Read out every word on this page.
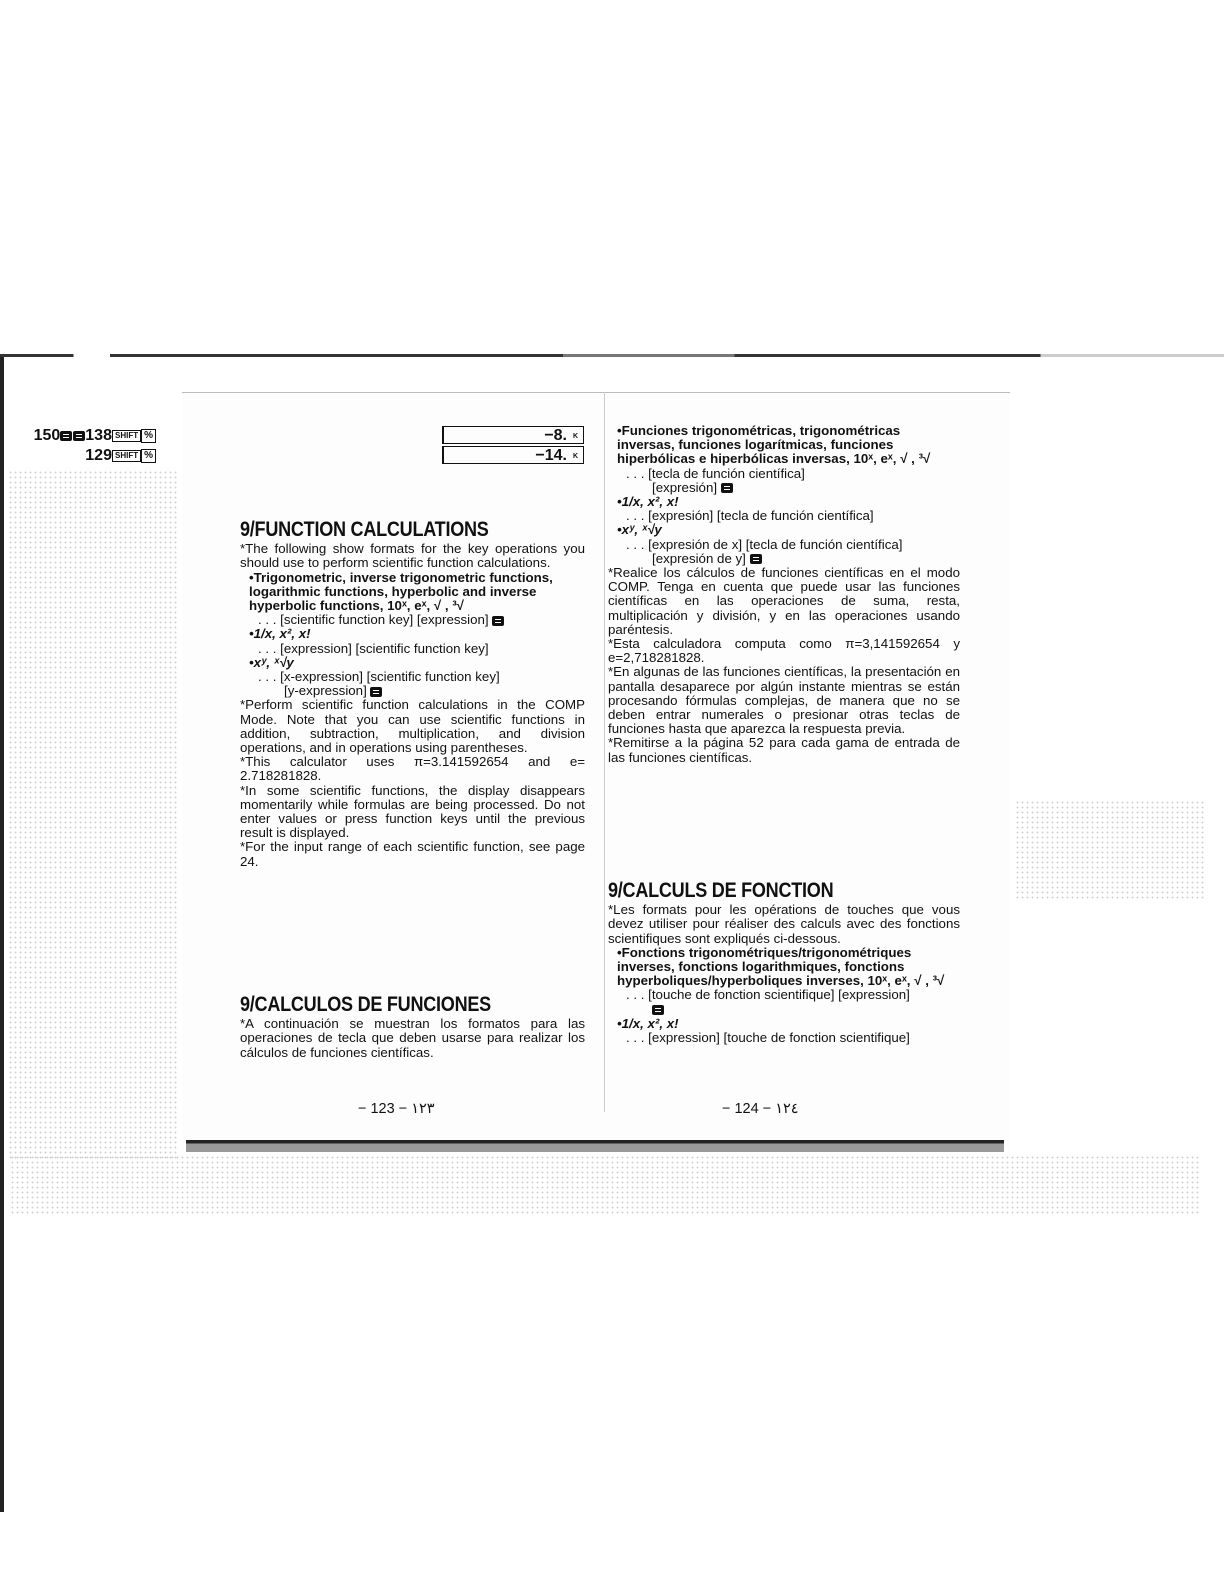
150 138 SHIFT %	−8. K
129 SHIFT %	−14. K

9/FUNCTION CALCULATIONS

*The following show formats for the key operations you should use to perform scientific function calculations.

•Trigonometric, inverse trigonometric functions, logarithmic functions, hyperbolic and inverse hyperbolic functions, 10ˣ, eˣ, √ , ³√

. . . [scientific function key] [expression]

•1/x, x², x!

. . . [expression] [scientific function key]

•xʸ, ˣ√y

. . . [x-expression] [scientific function key]

[y-expression]

*Perform scientific function calculations in the COMP Mode. Note that you can use scientific functions in addition, subtraction, multiplication, and division operations, and in operations using parentheses.

*This calculator uses π=3.141592654 and e= 2.718281828.

*In some scientific functions, the display disappears momentarily while formulas are being processed. Do not enter values or press function keys until the previous result is displayed.

*For the input range of each scientific function, see page 24.

9/CALCULOS DE FUNCIONES

*A continuación se muestran los formatos para las operaciones de tecla que deben usarse para realizar los cálculos de funciones científicas.

− 123 − ١٢٣

•Funciones trigonométricas, trigonométricas inversas, funciones logarítmicas, funciones hiperbólicas e hiperbólicas inversas, 10ˣ, eˣ, √ , ³√

. . . [tecla de función científica]

[expresión]

•1/x, x², x!

. . . [expresión] [tecla de función científica]

•xʸ, ˣ√y

. . . [expresión de x] [tecla de función científica]

[expresión de y]

*Realice los cálculos de funciones científicas en el modo COMP. Tenga en cuenta que puede usar las funciones científicas en las operaciones de suma, resta, multiplicación y división, y en las operaciones usando paréntesis.

*Esta calculadora computa como π=3,141592654 y e=2,718281828.

*En algunas de las funciones científicas, la presentación en pantalla desaparece por algún instante mientras se están procesando fórmulas complejas, de manera que no se deben entrar numerales o presionar otras teclas de funciones hasta que aparezca la respuesta previa.

*Remitirse a la página 52 para cada gama de entrada de las funciones científicas.

9/CALCULS DE FONCTION

*Les formats pour les opérations de touches que vous devez utiliser pour réaliser des calculs avec des fonctions scientifiques sont expliqués ci-dessous.

•Fonctions trigonométriques/trigonométriques inverses, fonctions logarithmiques, fonctions hyperboliques/hyperboliques inverses, 10ˣ, eˣ, √ , ³√

. . . [touche de fonction scientifique] [expression]

•1/x, x², x!

. . . [expression] [touche de fonction scientifique]

− 124 − ١٢٤
